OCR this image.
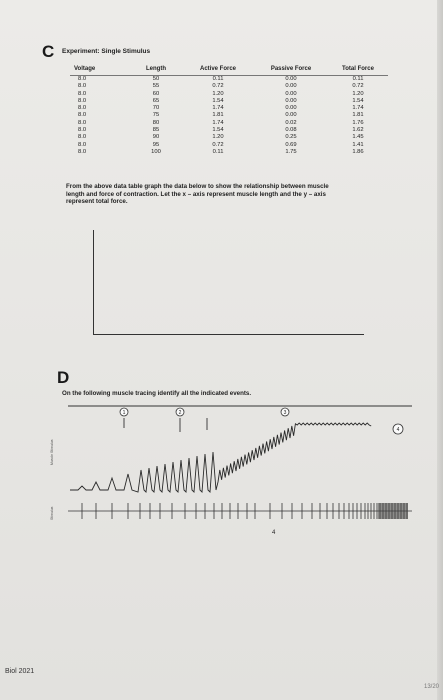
C Experiment: Single Stimulus
Voltage	Length	Active Force	Passive Force	Total Force
8.0	50	0.11	0.00	0.11
8.0	55	0.72	0.00	0.72
8.0	60	1.20	0.00	1.20
8.0	65	1.54	0.00	1.54
8.0	70	1.74	0.00	1.74
8.0	75	1.81	0.00	1.81
8.0	80	1.74	0.02	1.76
8.0	85	1.54	0.08	1.62
8.0	90	1.20	0.25	1.45
8.0	95	0.72	0.69	1.41
8.0	100	0.11	1.75	1.86
From the above data table graph the data below to show the relationship between muscle length and force of contraction. Let the x – axis represent muscle length and the y – axis represent total force.
D
On the following muscle tracing identify all the indicated events.
1	2	3
4
4
Muscle Stimulus
Stimulus
Biol 2021
13/20
